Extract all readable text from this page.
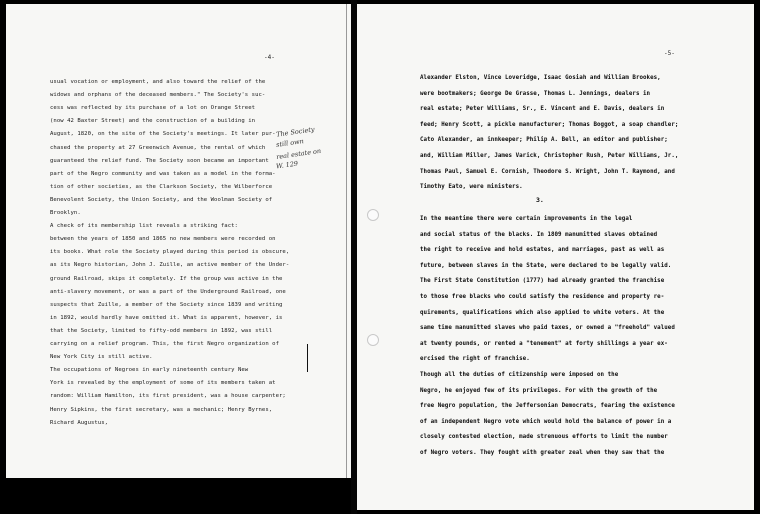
-4-
usual vocation or employment, and also toward the relief of the
widows and orphans of the deceased members." The Society's suc-
cess was reflected by its purchase of a lot on Orange Street
(now 42 Baxter Street) and the construction of a building in
August, 1820, on the site of the Society's meetings. It later pur-
chased the property at 27 Greenwich Avenue, the rental of which
guaranteed the relief fund. The Society soon became an important
part of the Negro community and was taken as a model in the forma-
tion of other societies, as the Clarkson Society, the Wilberforce
Benevolent Society, the Union Society, and the Woolman Society of
Brooklyn.
A check of its membership list reveals a striking fact:
between the years of 1850 and 1865 no new members were recorded on
its books. What role the Society played during this period is obscure,
as its Negro historian, John J. Zuille, an active member of the Under-
ground Railroad, skips it completely. If the group was active in the
anti-slavery movement, or was a part of the Underground Railroad, one
suspects that Zuille, a member of the Society since 1839 and writing
in 1892, would hardly have omitted it. What is apparent, however, is
that the Society, limited to fifty-odd members in 1892, was still
carrying on a relief program. This, the first Negro organization of
New York City is still active.
The occupations of Negroes in early nineteenth century New
York is revealed by the employment of some of its members taken at
random: William Hamilton, its first president, was a house carpenter;
Henry Sipkins, the first secretary, was a mechanic; Henry Byrnes,
Richard Augustus,
The Society
still own
real estate on
W. 129
-5-
Alexander Elston, Vince Loveridge, Isaac Gosiah and William Brookes,
were bootmakers; George De Grasse, Thomas L. Jennings, dealers in
real estate; Peter Williams, Sr., E. Vincent and E. Davis, dealers in
feed; Henry Scott, a pickle manufacturer; Thomas Boggot, a soap chandler;
Cato Alexander, an innkeeper; Philip A. Bell, an editor and publisher;
and, William Miller, James Varick, Christopher Rush, Peter Williams, Jr.,
Thomas Paul, Samuel E. Cornish, Theodore S. Wright, John T. Raymond, and
Timothy Eato, were ministers.
3.
In the meantime there were certain improvements in the legal
and social status of the blacks. In 1809 manumitted slaves obtained
the right to receive and hold estates, and marriages, past as well as
future, between slaves in the State, were declared to be legally valid.
The First State Constitution (1777) had already granted the franchise
to those free blacks who could satisfy the residence and property re-
quirements, qualifications which also applied to white voters. At the
same time manumitted slaves who paid taxes, or owned a "freehold" valued
at twenty pounds, or rented a "tenement" at forty shillings a year ex-
ercised the right of franchise.
Though all the duties of citizenship were imposed on the
Negro, he enjoyed few of its privileges. For with the growth of the
free Negro population, the Jeffersonian Democrats, fearing the existence
of an independent Negro vote which would hold the balance of power in a
closely contested election, made strenuous efforts to limit the number
of Negro voters. They fought with greater zeal when they saw that the
